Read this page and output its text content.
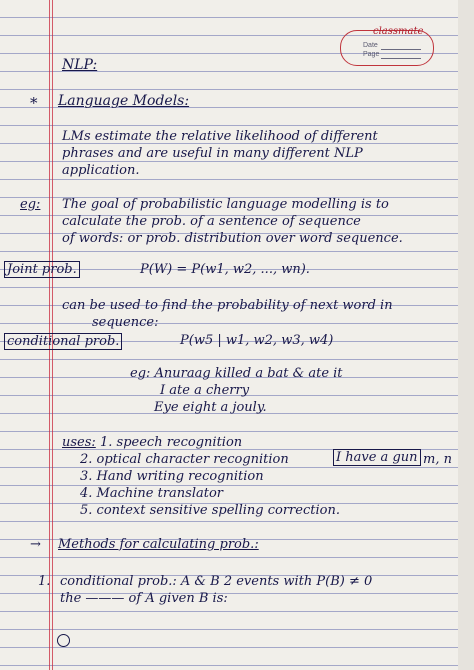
classmate
Date
Page
NLP:
* Language Models:
LMs estimate the relative likelihood of different
phrases and are useful in many different NLP
application.
eg: The goal of probabilistic language modelling is to
calculate the prob. of a sentence of sequence
of words: or prob. distribution over word sequence.
Joint prob.	P(W) = P(w1, w2, ..., wn).
can be used to find the probability of next word in
sequence:
conditional prob.	P(w5 | w1, w2, w3, w4)
eg: Anuraag killed a bat & ate it
I ate a cherry
Eye eight a jouly.
uses: 1. speech recognition
2. optical character recognition	I have a gun m, n
3. Hand writing recognition
4. Machine translator
5. context sensitive spelling correction.
→ Methods for calculating prob.:
1. conditional prob.: A & B 2 events with P(B) ≠ 0
the ——— of A given B is:
